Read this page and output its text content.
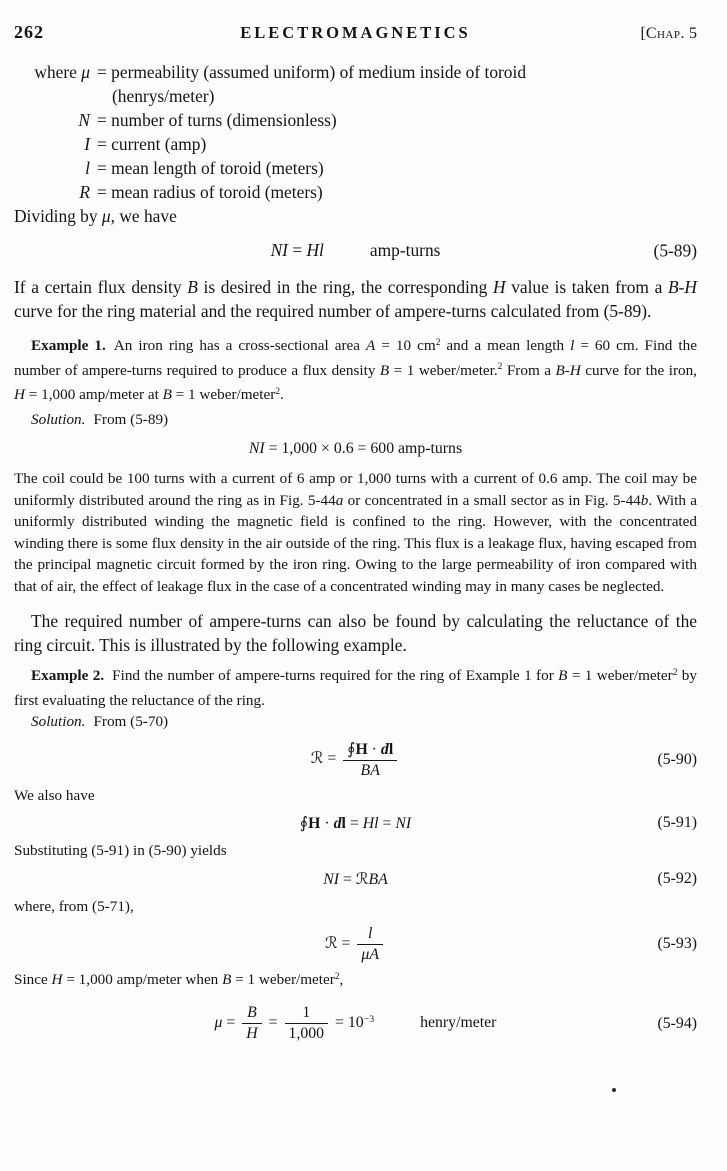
262	ELECTROMAGNETICS	[Chap. 5
where μ = permeability (assumed uniform) of medium inside of toroid
(henrys/meter)
N = number of turns (dimensionless)
I = current (amp)
l = mean length of toroid (meters)
R = mean radius of toroid (meters)

Dividing by μ, we have

NI = Hl	amp-turns	(5-89)

If a certain flux density B is desired in the ring, the corresponding H value is taken from a B-H curve for the ring material and the required number of ampere-turns calculated from (5-89).

Example 1. An iron ring has a cross-sectional area A = 10 $cm^2$ and a mean length l = 60 cm. Find the number of ampere-turns required to produce a flux density B = 1 weber/meter.$^2$ From a B-H curve for the iron, H = 1,000 amp/meter at B = 1 weber/meter$^2$.

Solution. From (5-89)

NI = 1,000 × 0.6 = 600 amp-turns

The coil could be 100 turns with a current of 6 amp or 1,000 turns with a current of 0.6 amp. The coil may be uniformly distributed around the ring as in Fig. 5-44a or concentrated in a small sector as in Fig. 5-44b. With a uniformly distributed winding the magnetic field is confined to the ring. However, with the concentrated winding there is some flux density in the air outside of the ring. This flux is a leakage flux, having escaped from the principal magnetic circuit formed by the iron ring. Owing to the large permeability of iron compared with that of air, the effect of leakage flux in the case of a concentrated winding may in many cases be neglected.

The required number of ampere-turns can also be found by calculating the reluctance of the ring circuit. This is illustrated by the following example.

Example 2. Find the number of ampere-turns required for the ring of Example 1 for B = 1 weber/meter$^2$ by first evaluating the reluctance of the ring.

Solution. From (5-70)

ℛ = $\frac{∮H \cdot dl}{BA}$	(5-90)

We also have

∮H · dl = Hl = NI	(5-91)

Substituting (5-91) in (5-90) yields

NI = ℛBA	(5-92)

where, from (5-71),

ℛ = $\frac{l}{\mu A}$	(5-93)

Since H = 1,000 amp/meter when B = 1 weber/meter$^2$,

$\mu = \frac{B}{H} = \frac{1}{1,000} = 10^{-3}$	henry/meter	(5-94)
